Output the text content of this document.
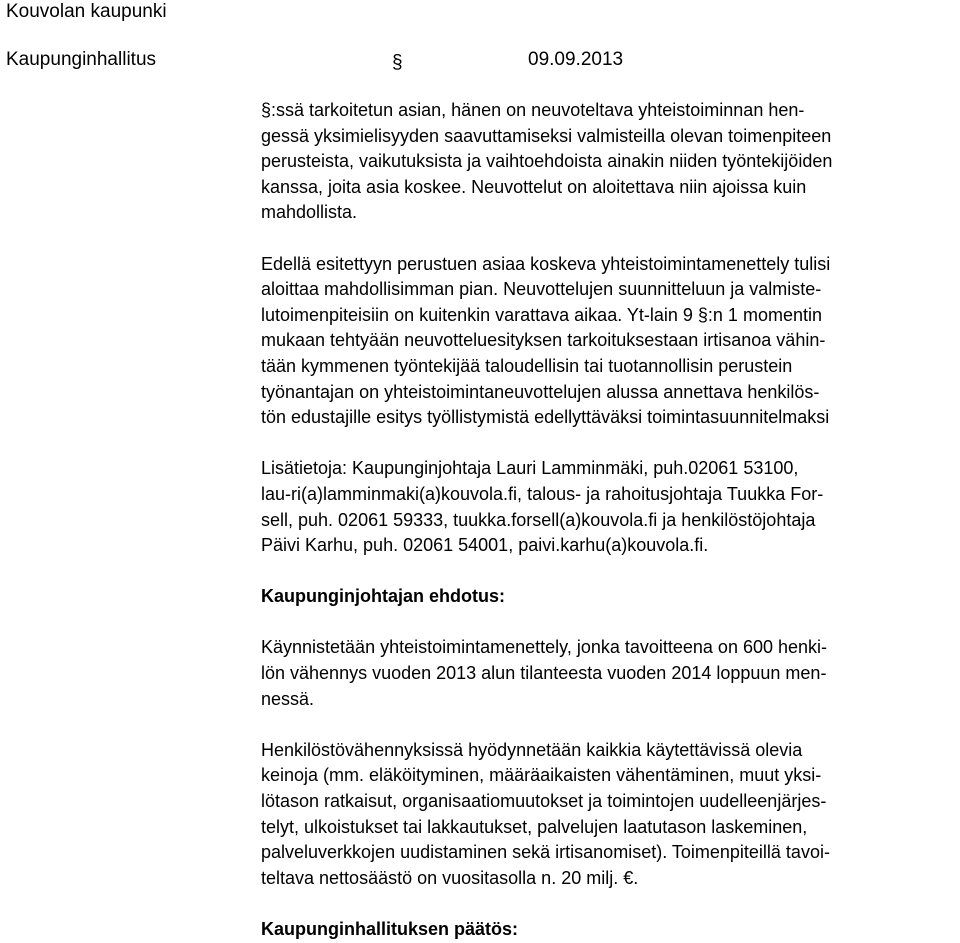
Kouvolan kaupunki
Kaupunginhallitus	§	09.09.2013

§:ssä tarkoitetun asian, hänen on neuvoteltava yhteistoiminnan hen-
gessä yksimielisyyden saavuttamiseksi valmisteilla olevan toimenpiteen
perusteista, vaikutuksista ja vaihtoehdoista ainakin niiden työntekijöiden
kanssa, joita asia koskee. Neuvottelut on aloitettava niin ajoissa kuin
mahdollista.

Edellä esitettyyn perustuen asiaa koskeva yhteistoimintamenettely tulisi
aloittaa mahdollisimman pian. Neuvottelujen suunnitteluun ja valmiste-
lutoimenpiteisiin on kuitenkin varattava aikaa. Yt-lain 9 §:n 1 momentin
mukaan tehtyään neuvotteluesityksen tarkoituksestaan irtisanoa vähin-
tään kymmenen työntekijää taloudellisin tai tuotannollisin perustein
työnantajan on yhteistoimintaneuvottelujen alussa annettava henkilös-
tön edustajille esitys työllistymistä edellyttäväksi toimintasuunnitelmaksi

Lisätietoja: Kaupunginjohtaja Lauri Lamminmäki, puh.02061 53100,
lau-ri(a)lamminmaki(a)kouvola.fi, talous- ja rahoitusjohtaja Tuukka For-
sell, puh. 02061 59333, tuukka.forsell(a)kouvola.fi ja henkilöstöjohtaja
Päivi Karhu, puh. 02061 54001, paivi.karhu(a)kouvola.fi.

Kaupunginjohtajan ehdotus:

Käynnistetään yhteistoimintamenettely, jonka tavoitteena on 600 henki-
lön vähennys vuoden 2013 alun tilanteesta vuoden 2014 loppuun men-
nessä.

Henkilöstövähennyksissä hyödynnetään kaikkia käytettävissä olevia
keinoja (mm. eläköityminen, määräaikaisten vähentäminen, muut yksi-
lötason ratkaisut, organisaatiomuutokset ja toimintojen uudelleenjärjes-
telyt, ulkoistukset tai lakkautukset, palvelujen laatutason laskeminen,
palveluverkkojen uudistaminen sekä irtisanomiset). Toimenpiteillä tavoi-
teltava nettosäästö on vuositasolla n. 20 milj. €.

Kaupunginhallituksen päätös:
